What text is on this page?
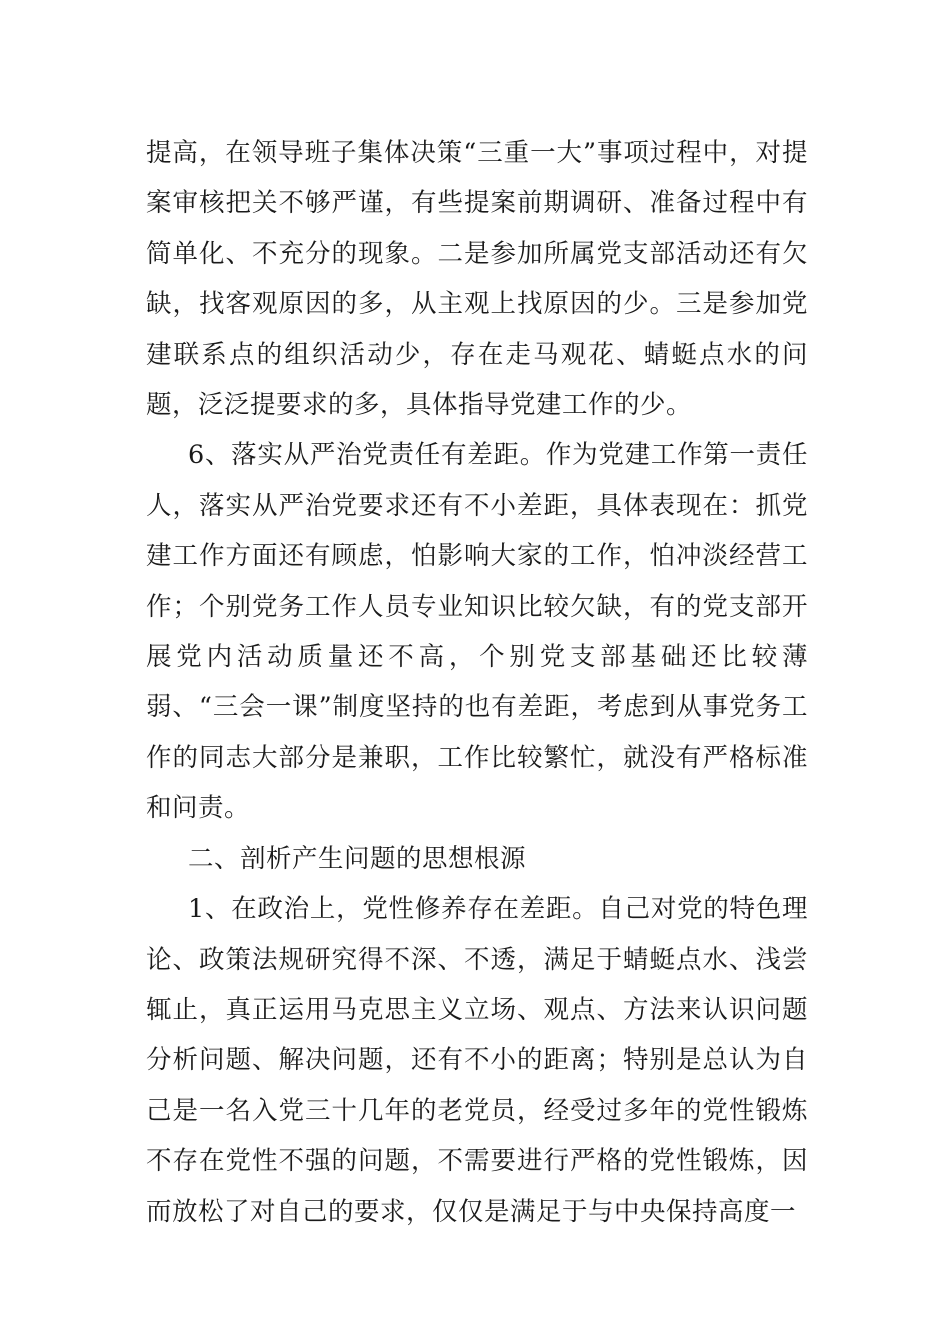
提高，在领导班子集体决策“三重一大”事项过程中，对提案审核把关不够严谨，有些提案前期调研、准备过程中有简单化、不充分的现象。二是参加所属党支部活动还有欠缺，找客观原因的多，从主观上找原因的少。三是参加党建联系点的组织活动少，存在走马观花、蜻蜓点水的问题，泛泛提要求的多，具体指导党建工作的少。

6、落实从严治党责任有差距。作为党建工作第一责任人，落实从严治党要求还有不小差距，具体表现在：抓党建工作方面还有顾虑，怕影响大家的工作，怕冲淡经营工作；个别党务工作人员专业知识比较欠缺，有的党支部开展党内活动质量还不高，个别党支部基础还比较薄弱、“三会一课”制度坚持的也有差距，考虑到从事党务工作的同志大部分是兼职，工作比较繁忙，就没有严格标准和问责。

二、剖析产生问题的思想根源

1、在政治上，党性修养存在差距。自己对党的特色理论、政策法规研究得不深、不透，满足于蜻蜓点水、浅尝辄止，真正运用马克思主义立场、观点、方法来认识问题分析问题、解决问题，还有不小的距离；特别是总认为自己是一名入党三十几年的老党员，经受过多年的党性锻炼不存在党性不强的问题，不需要进行严格的党性锻炼，因而放松了对自己的要求，仅仅是满足于与中央保持高度一
